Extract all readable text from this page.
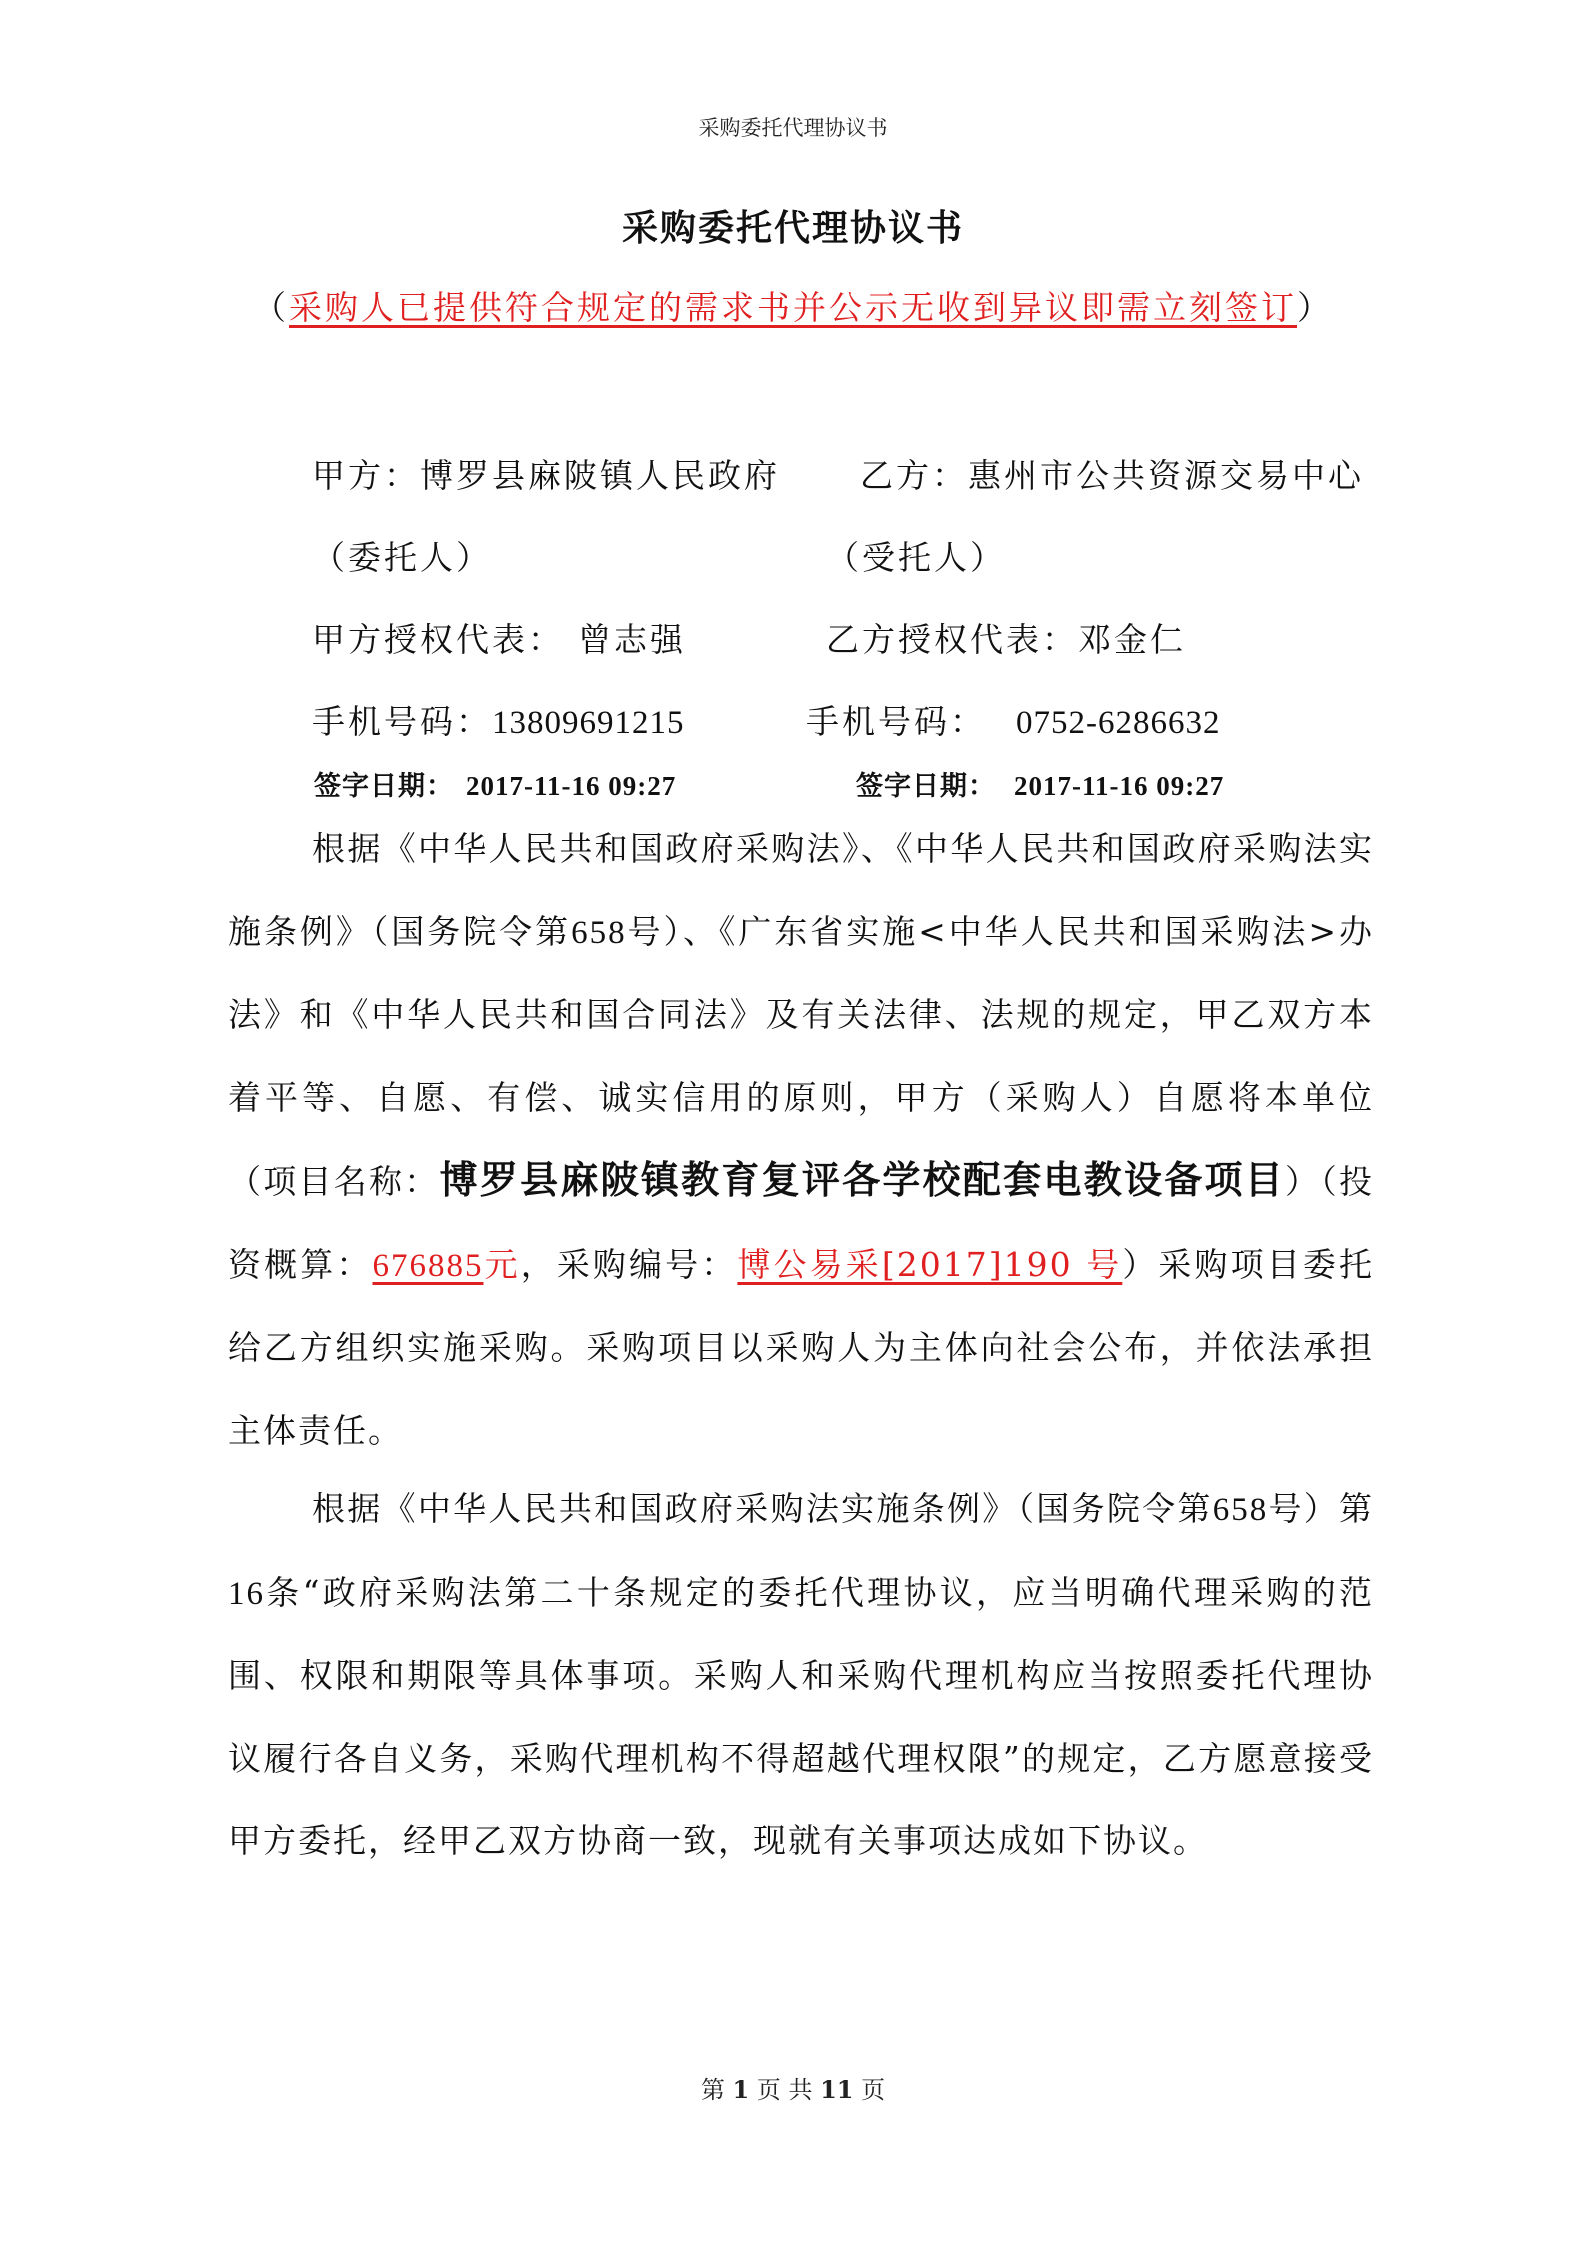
采购委托代理协议书
采购委托代理协议书
（采购人已提供符合规定的需求书并公示无收到异议即需立刻签订）
甲方：博罗县麻陂镇人民政府 乙方：惠州市公共资源交易中心
（委托人）	（受托人）
甲方授权代表： 曾志强	乙方授权代表：邓金仁
手机号码：13809691215	手机号码： 0752-6286632
签字日期： 2017-11-16 09:27	签字日期： 2017-11-16 09:27
根据《中华人民共和国政府采购法》、《中华人民共和国政府采购法实施条例》（国务院令第658号）、《广东省实施<中华人民共和国采购法>办法》和《中华人民共和国合同法》及有关法律、法规的规定，甲乙双方本着平等、自愿、有偿、诚实信用的原则，甲方（采购人）自愿将本单位（项目名称：博罗县麻陂镇教育复评各学校配套电教设备项目）（投资概算：676885元，采购编号：博公易采[2017]190 号）采购项目委托给乙方组织实施采购。采购项目以采购人为主体向社会公布，并依法承担主体责任。
根据《中华人民共和国政府采购法实施条例》（国务院令第658号）第16条“政府采购法第二十条规定的委托代理协议，应当明确代理采购的范围、权限和期限等具体事项。采购人和采购代理机构应当按照委托代理协议履行各自义务，采购代理机构不得超越代理权限”的规定，乙方愿意接受甲方委托，经甲乙双方协商一致，现就有关事项达成如下协议。
第 1 页 共 11 页
